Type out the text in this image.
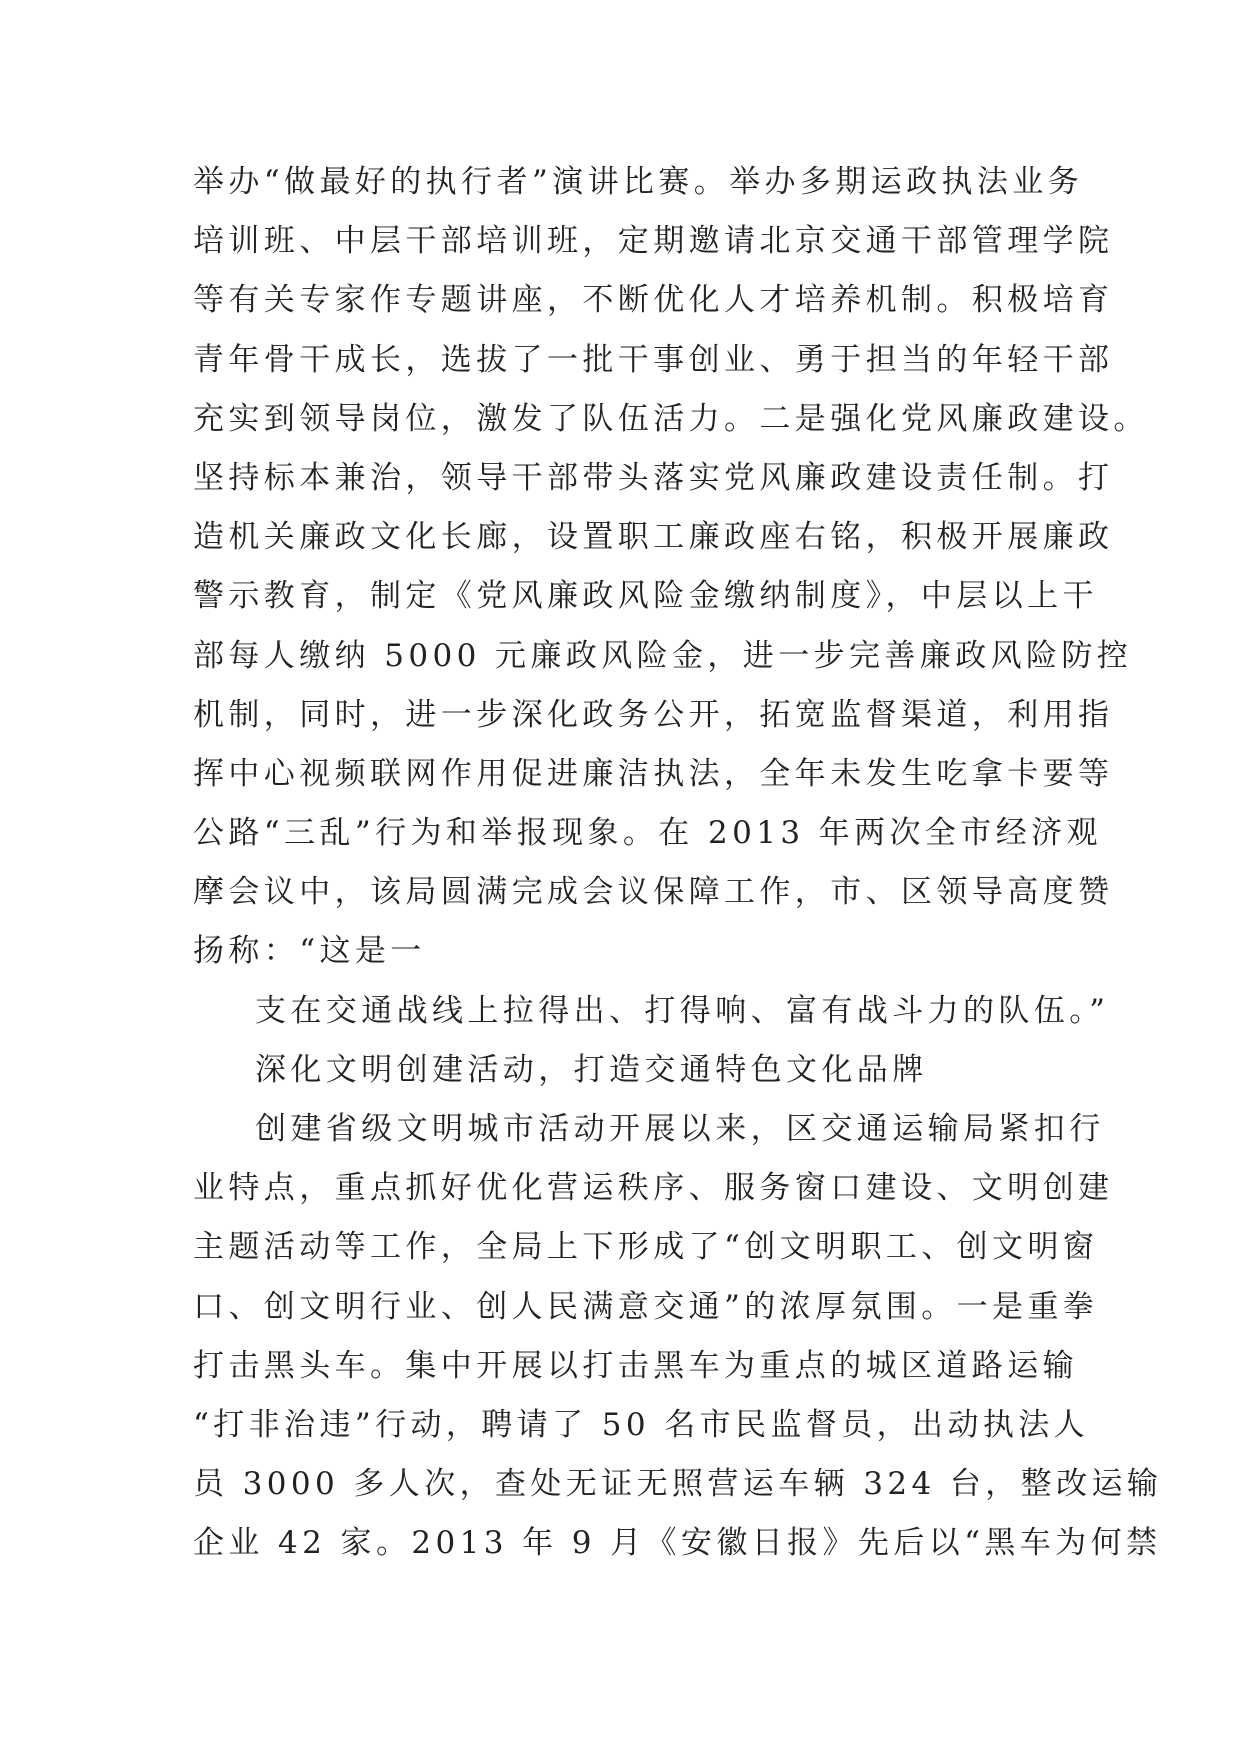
举办“做最好的执行者”演讲比赛。举办多期运政执法业务

培训班、中层干部培训班，定期邀请北京交通干部管理学院

等有关专家作专题讲座，不断优化人才培养机制。积极培育

青年骨干成长，选拔了一批干事创业、勇于担当的年轻干部

充实到领导岗位，激发了队伍活力。二是强化党风廉政建设。

坚持标本兼治，领导干部带头落实党风廉政建设责任制。打

造机关廉政文化长廊，设置职工廉政座右铭，积极开展廉政

警示教育，制定《党风廉政风险金缴纳制度》，中层以上干

部每人缴纳 5000 元廉政风险金，进一步完善廉政风险防控

机制，同时，进一步深化政务公开，拓宽监督渠道，利用指

挥中心视频联网作用促进廉洁执法，全年未发生吃拿卡要等

公路“三乱”行为和举报现象。在 2013 年两次全市经济观

摩会议中，该局圆满完成会议保障工作，市、区领导高度赞

扬称：“这是一

支在交通战线上拉得出、打得响、富有战斗力的队伍。”

深化文明创建活动，打造交通特色文化品牌

创建省级文明城市活动开展以来，区交通运输局紧扣行

业特点，重点抓好优化营运秩序、服务窗口建设、文明创建

主题活动等工作，全局上下形成了“创文明职工、创文明窗

口、创文明行业、创人民满意交通”的浓厚氛围。一是重拳

打击黑头车。集中开展以打击黑车为重点的城区道路运输

“打非治违”行动，聘请了 50 名市民监督员，出动执法人

员 3000 多人次，查处无证无照营运车辆 324 台，整改运输

企业 42 家。2013 年 9 月《安徽日报》先后以“黑车为何禁
